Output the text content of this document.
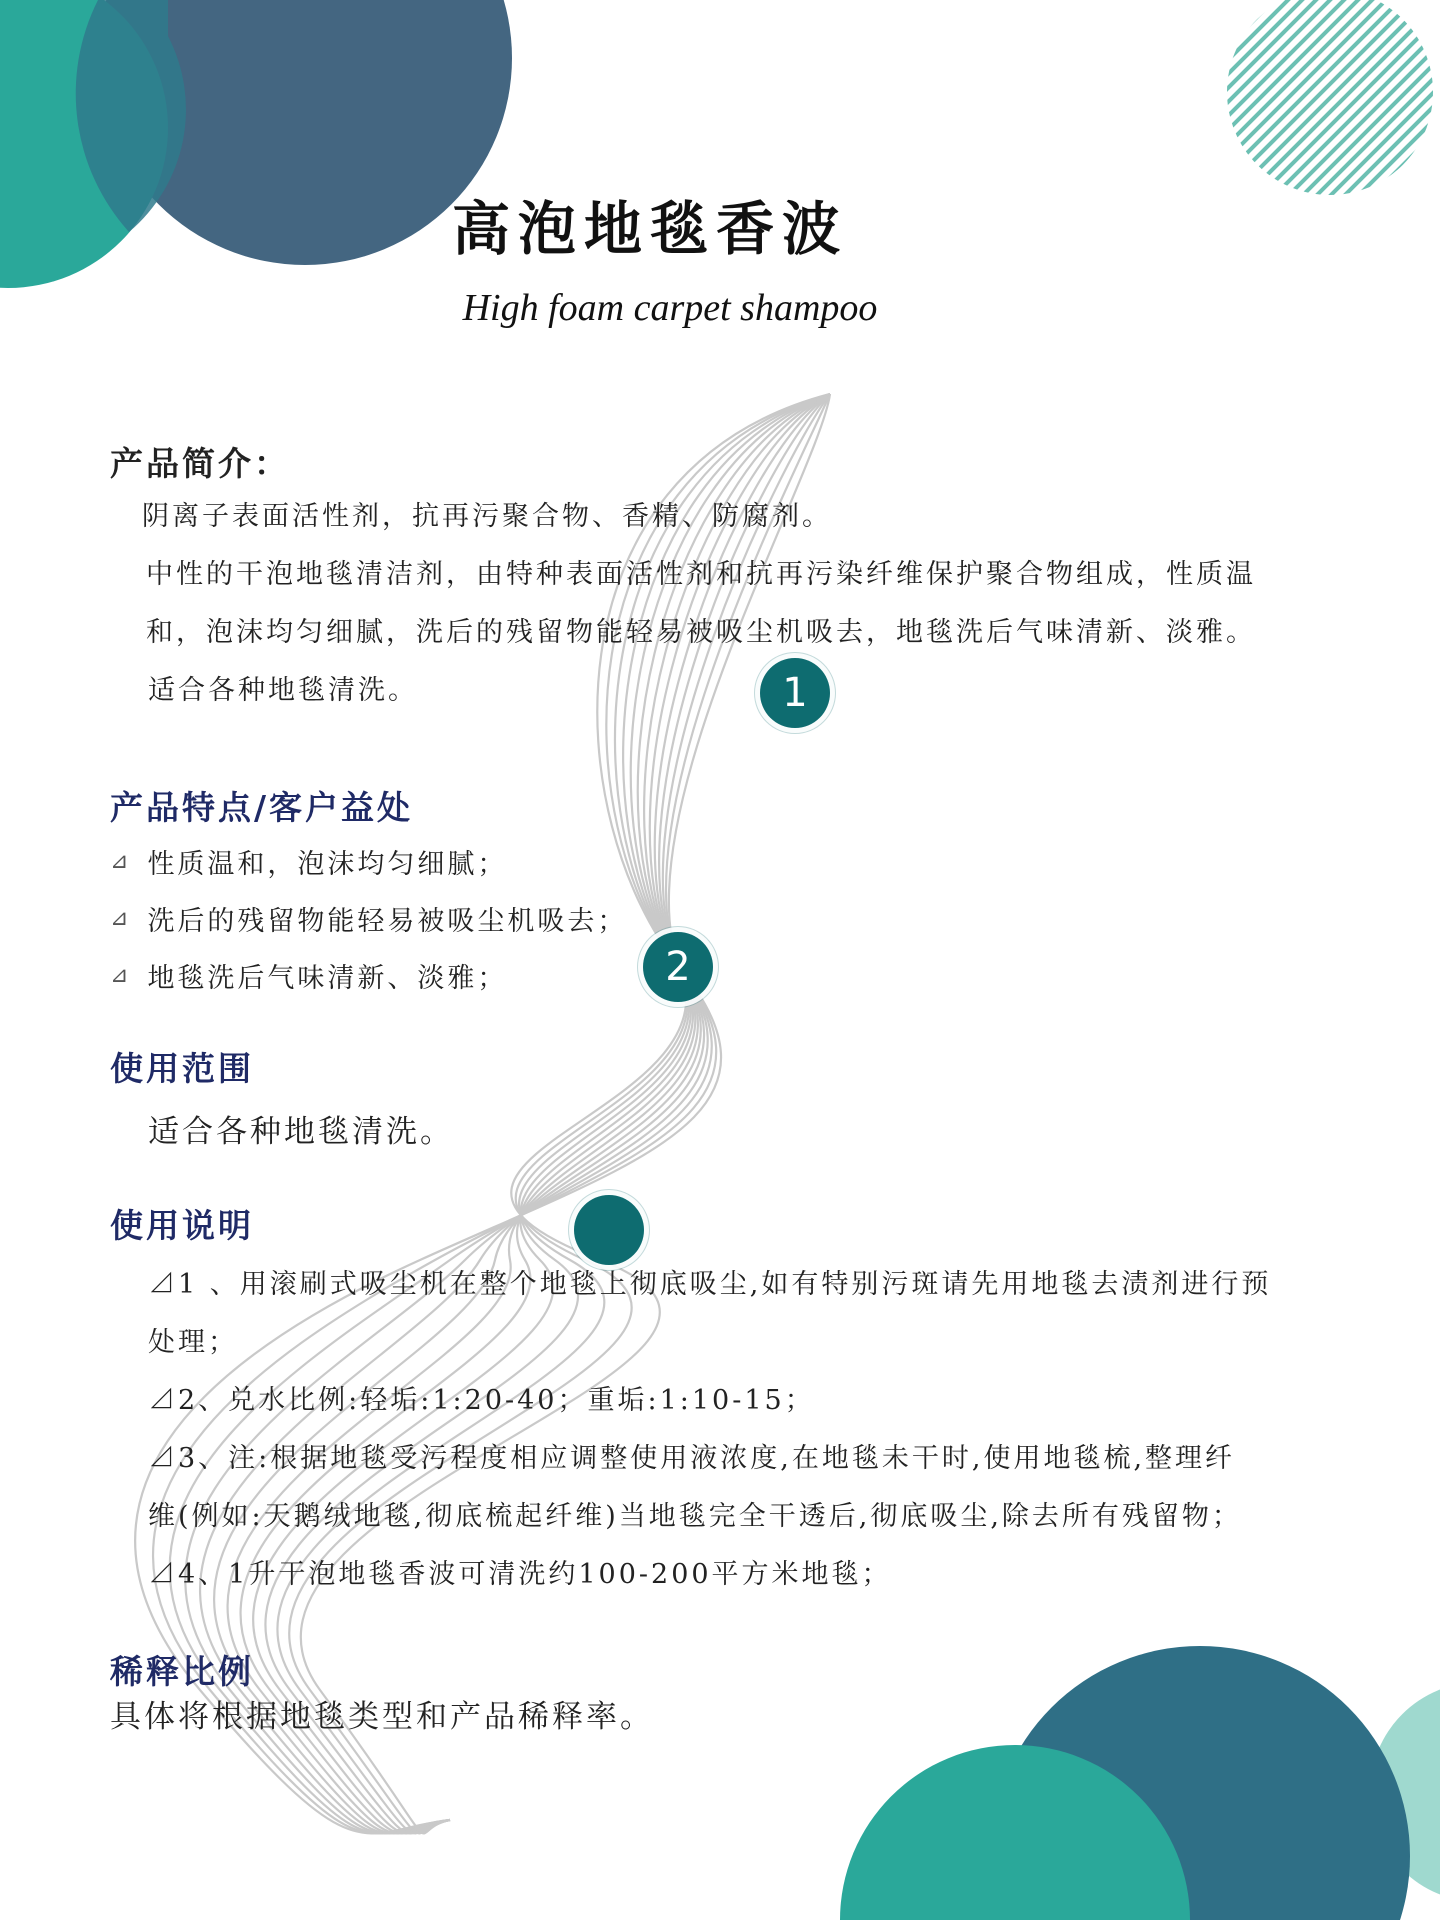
高泡地毯香波
High foam carpet shampoo
产品简介：
阴离子表面活性剂，抗再污聚合物、香精、防腐剂。
中性的干泡地毯清洁剂，由特种表面活性剂和抗再污染纤维保护聚合物组成，性质温
和，泡沫均匀细腻，洗后的残留物能轻易被吸尘机吸去，地毯洗后气味清新、淡雅。
适合各种地毯清洗。
产品特点/客户益处
⊿ 性质温和，泡沫均匀细腻；
⊿ 洗后的残留物能轻易被吸尘机吸去；
⊿ 地毯洗后气味清新、淡雅；
使用范围
适合各种地毯清洗。
使用说明
⊿1 、用滚刷式吸尘机在整个地毯上彻底吸尘,如有特别污斑请先用地毯去渍剂进行预
处理；
⊿2、兑水比例:轻垢:1:20-40；重垢:1:10-15；
⊿3、注:根据地毯受污程度相应调整使用液浓度,在地毯未干时,使用地毯梳,整理纤
维(例如:天鹅绒地毯,彻底梳起纤维)当地毯完全干透后,彻底吸尘,除去所有残留物；
⊿4、1升干泡地毯香波可清洗约100-200平方米地毯；
稀释比例
具体将根据地毯类型和产品稀释率。
1
2
